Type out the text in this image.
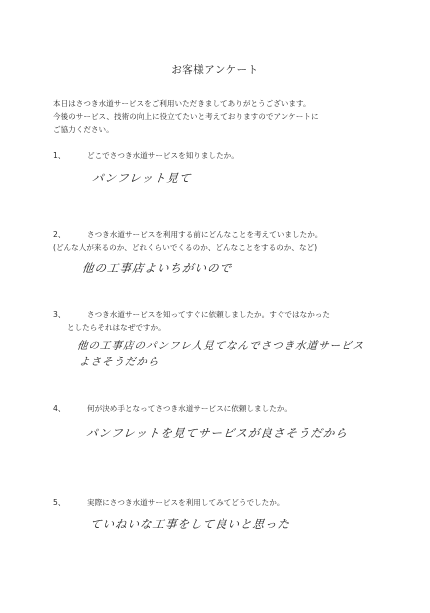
お客様アンケート
本日はさつき水道サービスをご利用いただきましてありがとうございます。
今後のサービス、技術の向上に役立てたいと考えておりますのでアンケートに
ご協力ください。
1、	どこでさつき水道サービスを知りましたか。
パンフレット見て
2、	さつき水道サービスを利用する前にどんなことを考えていましたか。
(どんな人が来るのか、どれくらいでくるのか、どんなことをするのか、など)
他の工事店よいちがいので
3、	さつき水道サービスを知ってすぐに依頼しましたか。すぐではなかった
としたらそれはなぜですか。
他の工事店のパンフレ人見てなんでさつき水道サービス
よさそうだから
4、	何が決め手となってさつき水道サービスに依頼しましたか。
パンフレットを見てサービスが良さそうだから
5、	実際にさつき水道サービスを利用してみてどうでしたか。
ていねいな工事をして良いと思った
